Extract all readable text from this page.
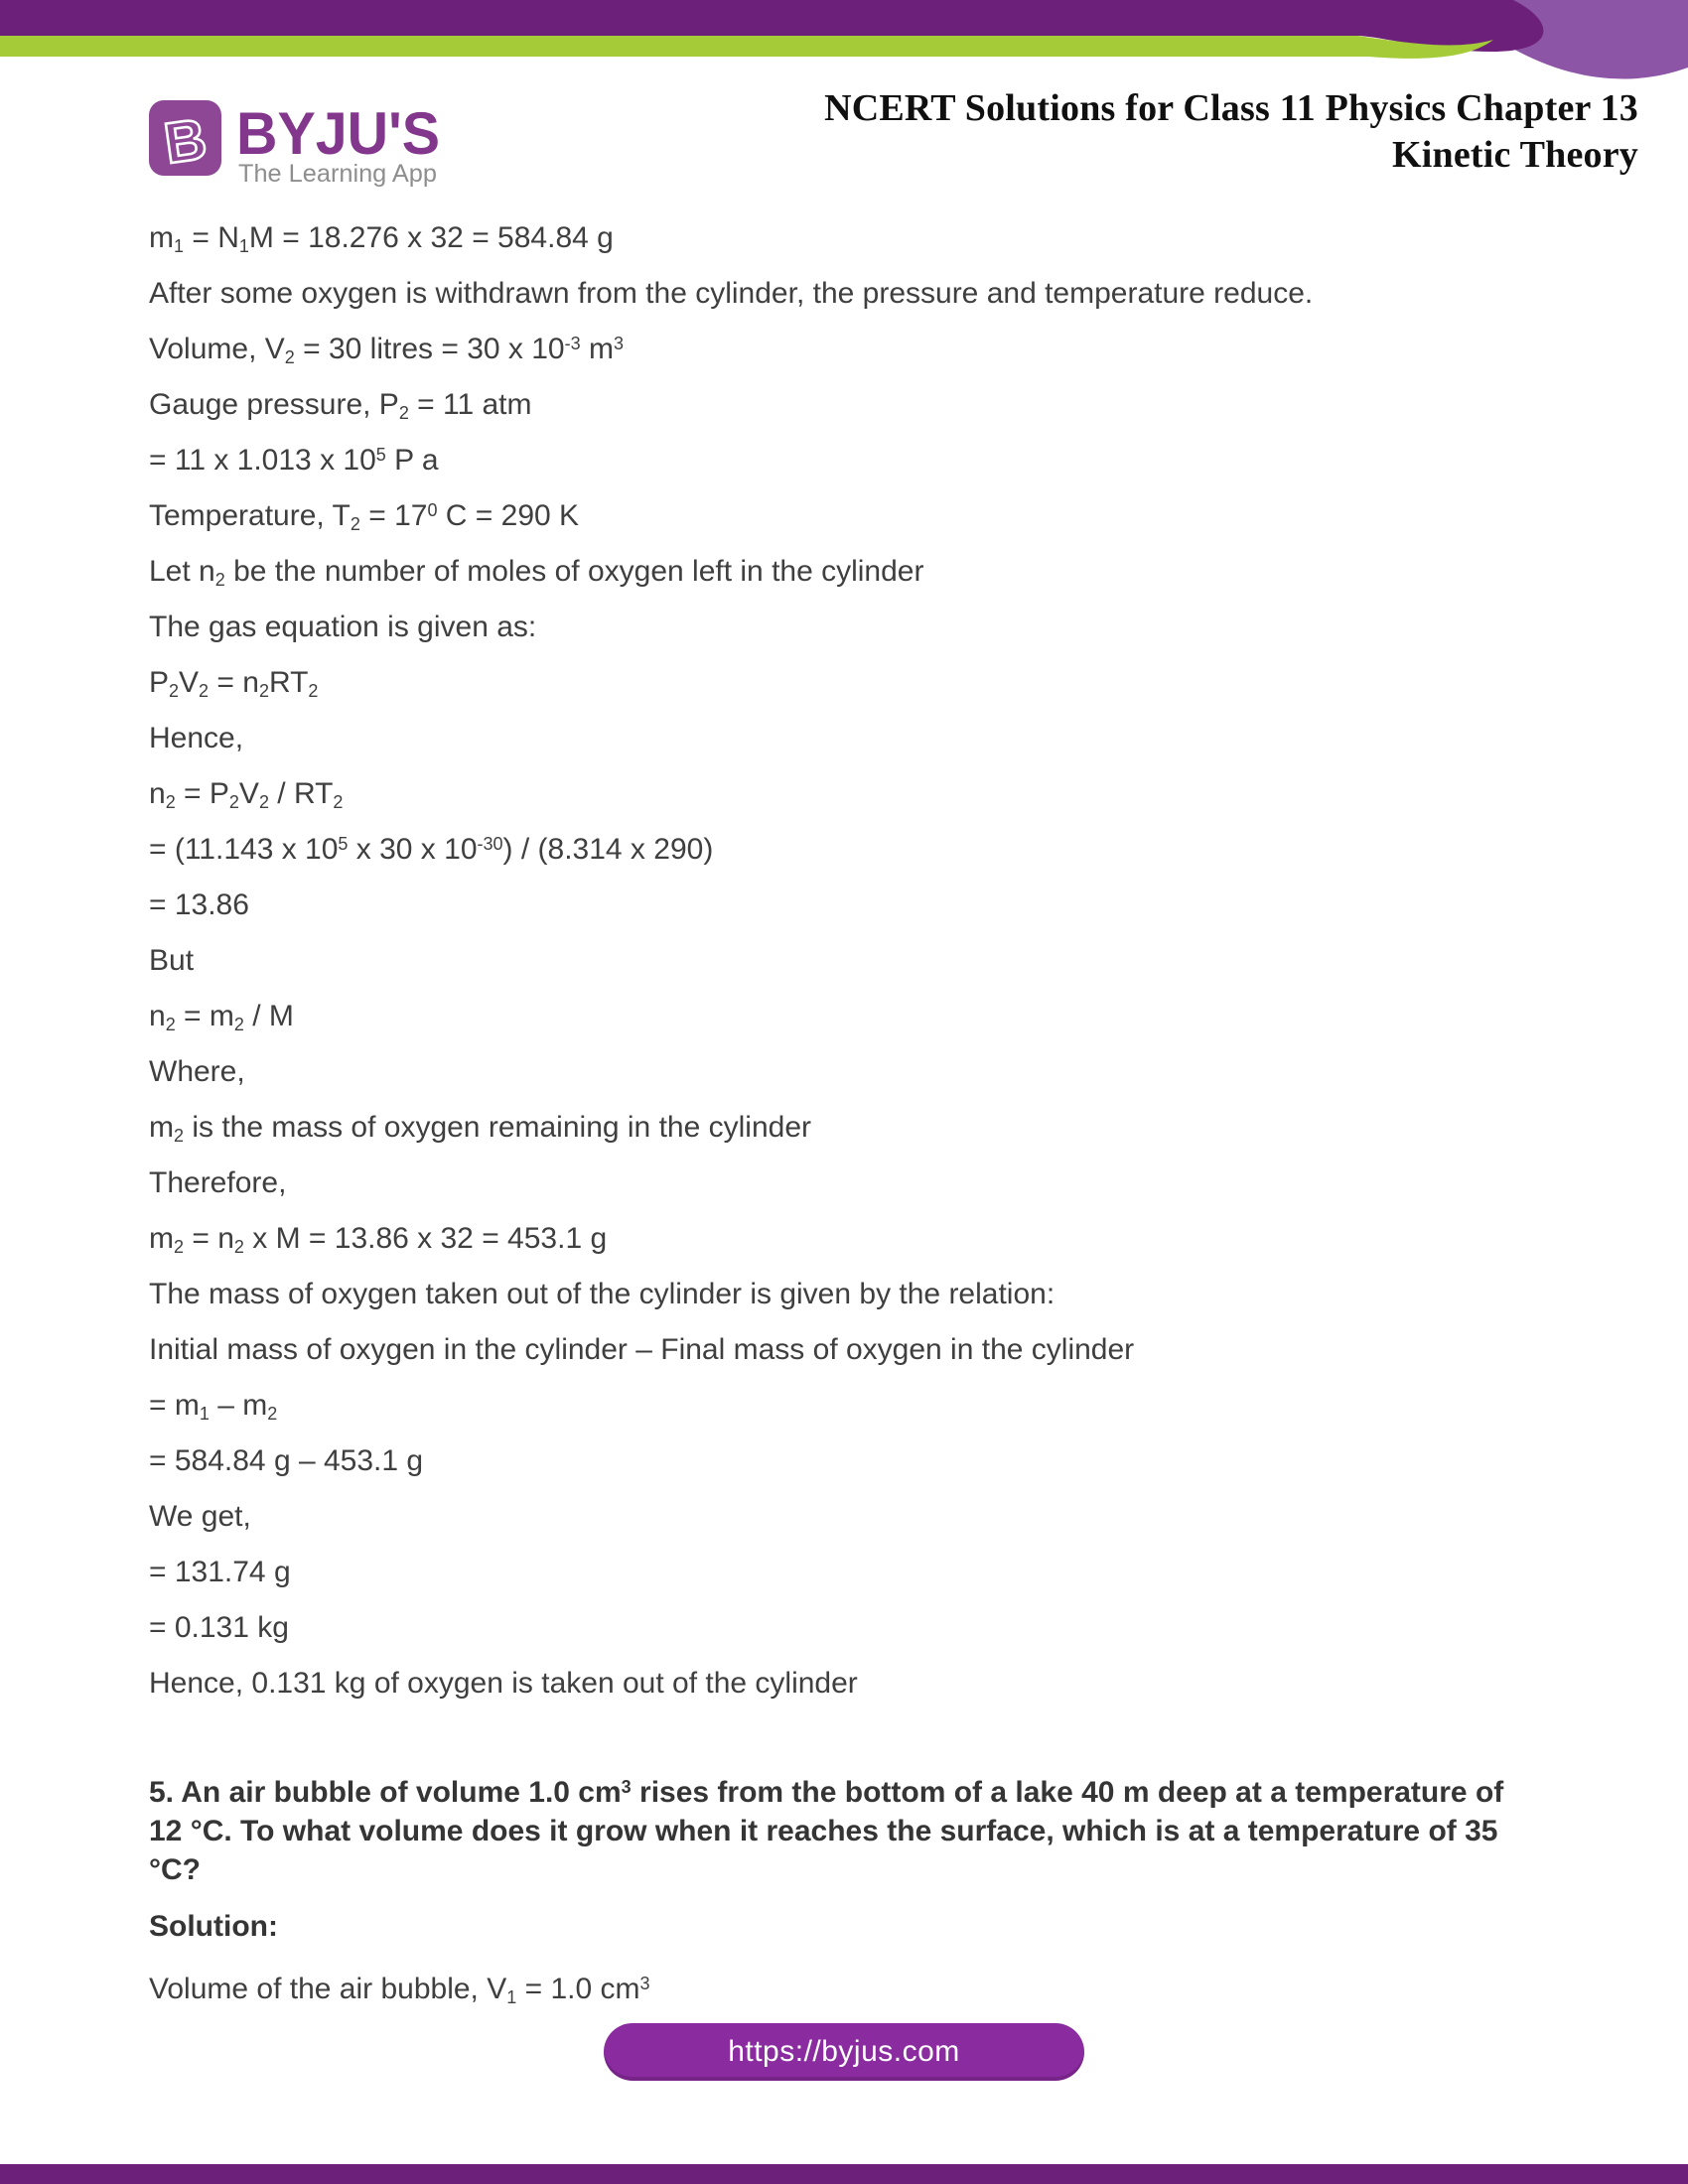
B BYJU'S
The Learning App
NCERT Solutions for Class 11 Physics Chapter 13
Kinetic Theory

$m_1 = N_1M = 18.276$ x 32 = 584.84 g

After some oxygen is withdrawn from the cylinder, the pressure and temperature reduce.

Volume, $V_2 = 30$ litres = 30 x $10^{-3}$ $m^3$

Gauge pressure, $P_2 = 11$ atm

= 11 x 1.013 x $10^5$ P a

Temperature, $T_2 = 17^0$ C = 290 K

Let $n_2$ be the number of moles of oxygen left in the cylinder

The gas equation is given as:

$P_2V_2 = n_2RT_2$

Hence,

$n_2 = P_2V_2 / RT_2$

= (11.143 x $10^5$ x 30 x $10^{-30}) / (8.314$ x 290)

= 13.86

But

$n_2 = m_2 / M$

Where,

$m_2$ is the mass of oxygen remaining in the cylinder

Therefore,

$m_2 = n_2$ x M = 13.86 x 32 = 453.1 g

The mass of oxygen taken out of the cylinder is given by the relation:

Initial mass of oxygen in the cylinder – Final mass of oxygen in the cylinder

= $m_1 - m_2$

= 584.84 g – 453.1 g

We get,

= 131.74 g

= 0.131 kg

Hence, 0.131 kg of oxygen is taken out of the cylinder

5. An air bubble of volume 1.0 $cm^3$ rises from the bottom of a lake 40 m deep at a temperature of

12 °C. To what volume does it grow when it reaches the surface, which is at a temperature of 35

°C?

Solution:

Volume of the air bubble, $V_1 = 1.0$ $cm^3$

https://byjus.com
